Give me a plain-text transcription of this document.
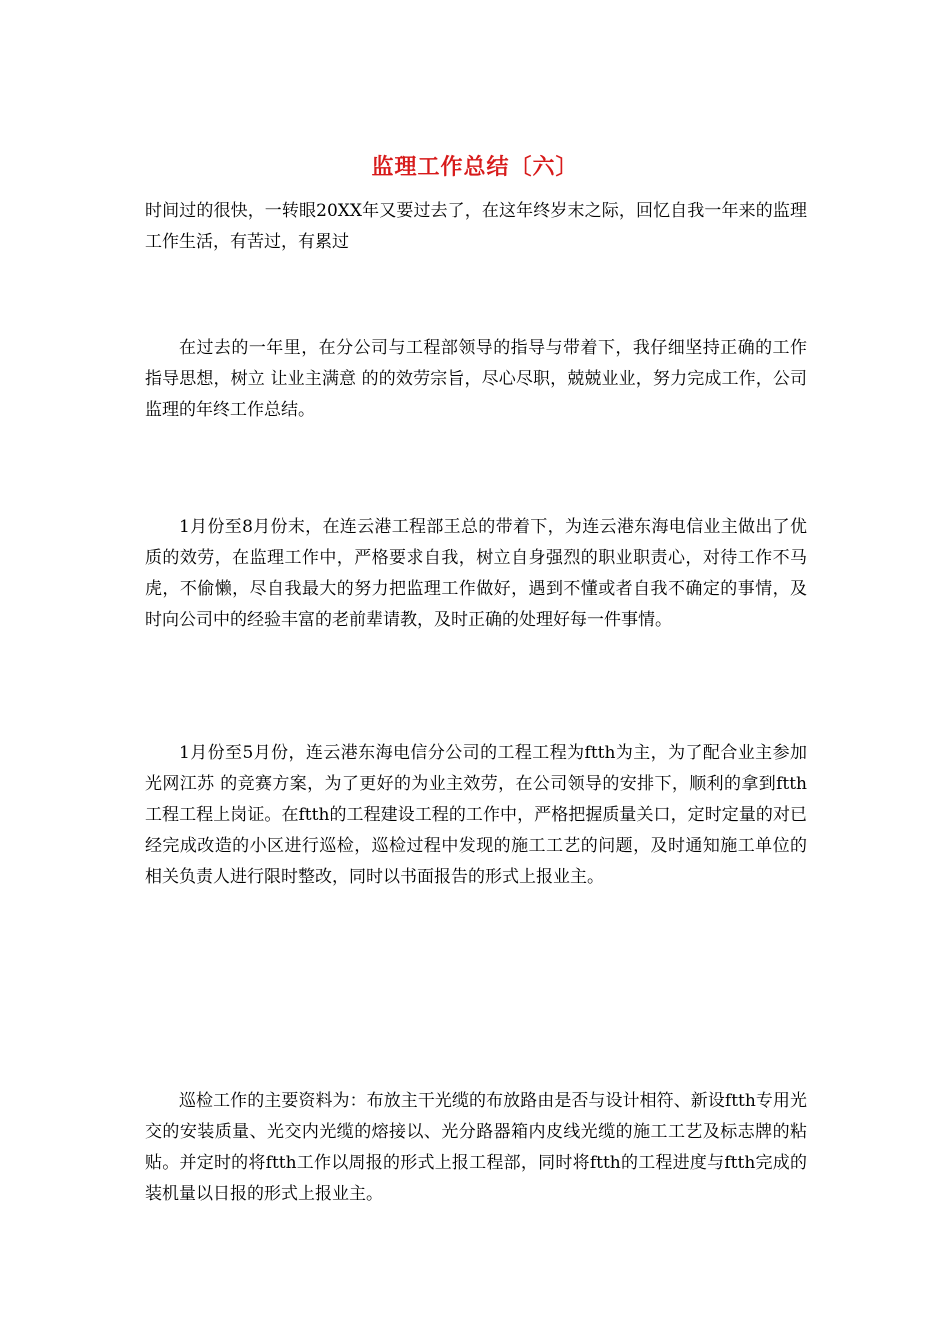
监理工作总结〔六〕

时间过的很快，一转眼20XX年又要过去了，在这年终岁末之际，回忆自我一年来的监理工作生活，有苦过，有累过

在过去的一年里，在分公司与工程部领导的指导与带着下，我仔细坚持正确的工作指导思想，树立 让业主满意 的的效劳宗旨，尽心尽职，兢兢业业，努力完成工作，公司监理的年终工作总结。

1月份至8月份末，在连云港工程部王总的带着下，为连云港东海电信业主做出了优质的效劳，在监理工作中，严格要求自我，树立自身强烈的职业职责心，对待工作不马虎，不偷懒，尽自我最大的努力把监理工作做好，遇到不懂或者自我不确定的事情，及时向公司中的经验丰富的老前辈请教，及时正确的处理好每一件事情。

1月份至5月份，连云港东海电信分公司的工程工程为ftth为主，为了配合业主参加 光网江苏 的竞赛方案，为了更好的为业主效劳，在公司领导的安排下，顺利的拿到ftth工程工程上岗证。在ftth的工程建设工程的工作中，严格把握质量关口，定时定量的对已经完成改造的小区进行巡检，巡检过程中发现的施工工艺的问题，及时通知施工单位的相关负责人进行限时整改，同时以书面报告的形式上报业主。

巡检工作的主要资料为：布放主干光缆的布放路由是否与设计相符、新设ftth专用光交的安装质量、光交内光缆的熔接以、光分路器箱内皮线光缆的施工工艺及标志牌的粘贴。并定时的将ftth工作以周报的形式上报工程部，同时将ftth的工程进度与ftth完成的装机量以日报的形式上报业主。
